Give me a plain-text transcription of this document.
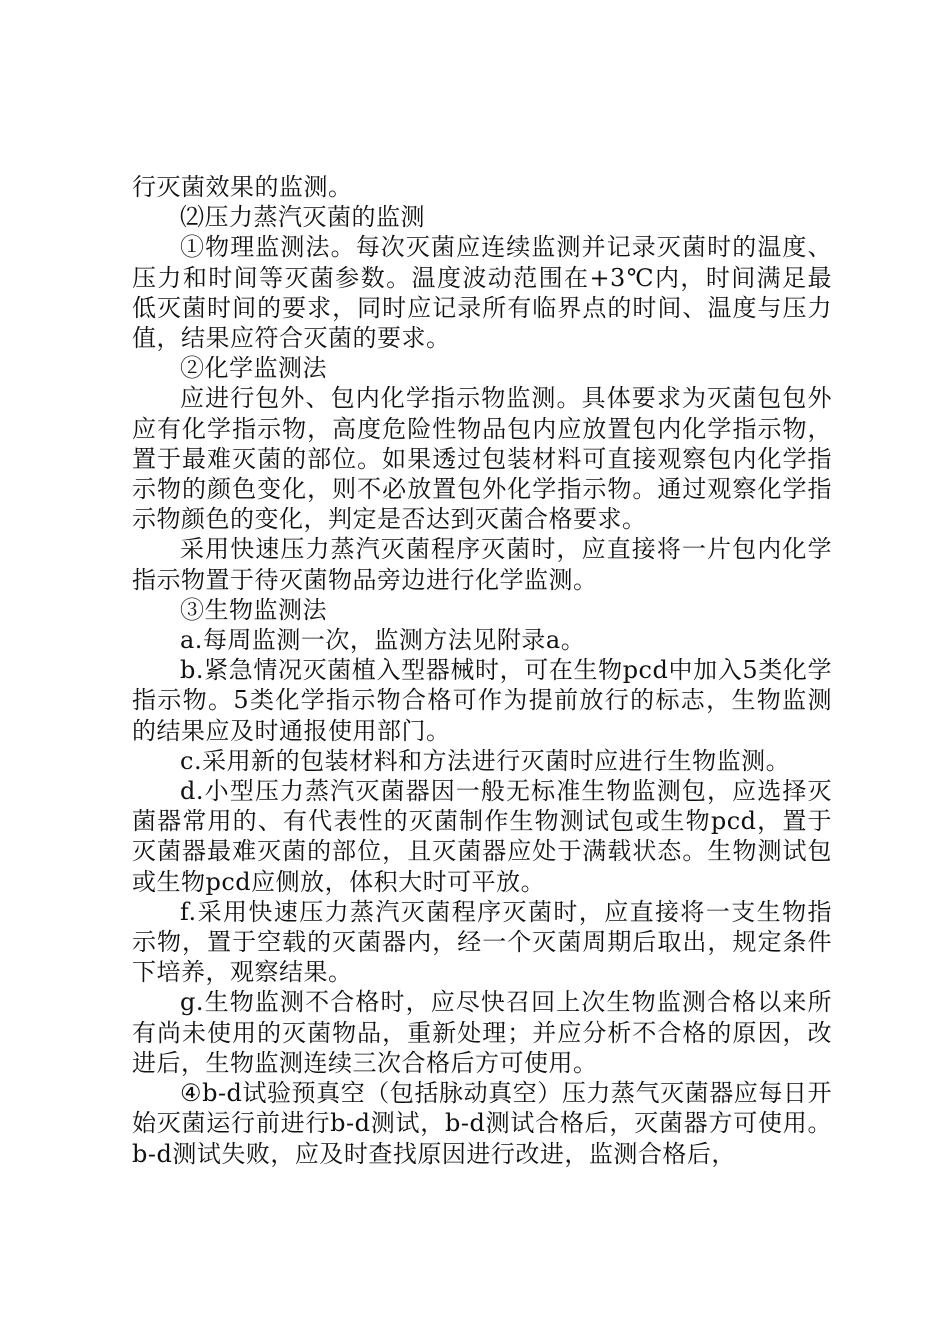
行灭菌效果的监测。

⑵压力蒸汽灭菌的监测

①物理监测法。每次灭菌应连续监测并记录灭菌时的温度、压力和时间等灭菌参数。温度波动范围在+3℃内，时间满足最低灭菌时间的要求，同时应记录所有临界点的时间、温度与压力值，结果应符合灭菌的要求。

②化学监测法

应进行包外、包内化学指示物监测。具体要求为灭菌包包外应有化学指示物，高度危险性物品包内应放置包内化学指示物，置于最难灭菌的部位。如果透过包装材料可直接观察包内化学指示物的颜色变化，则不必放置包外化学指示物。通过观察化学指示物颜色的变化，判定是否达到灭菌合格要求。

采用快速压力蒸汽灭菌程序灭菌时，应直接将一片包内化学指示物置于待灭菌物品旁边进行化学监测。

③生物监测法

a.每周监测一次，监测方法见附录a。

b.紧急情况灭菌植入型器械时，可在生物pcd中加入5类化学指示物。5类化学指示物合格可作为提前放行的标志，生物监测的结果应及时通报使用部门。

c.采用新的包装材料和方法进行灭菌时应进行生物监测。

d.小型压力蒸汽灭菌器因一般无标准生物监测包，应选择灭菌器常用的、有代表性的灭菌制作生物测试包或生物pcd，置于灭菌器最难灭菌的部位，且灭菌器应处于满载状态。生物测试包或生物pcd应侧放，体积大时可平放。

f.采用快速压力蒸汽灭菌程序灭菌时，应直接将一支生物指示物，置于空载的灭菌器内，经一个灭菌周期后取出，规定条件下培养，观察结果。

g.生物监测不合格时，应尽快召回上次生物监测合格以来所有尚未使用的灭菌物品，重新处理；并应分析不合格的原因，改进后，生物监测连续三次合格后方可使用。

④b-d试验预真空（包括脉动真空）压力蒸气灭菌器应每日开始灭菌运行前进行b-d测试，b-d测试合格后，灭菌器方可使用。b-d测试失败，应及时查找原因进行改进，监测合格后，
